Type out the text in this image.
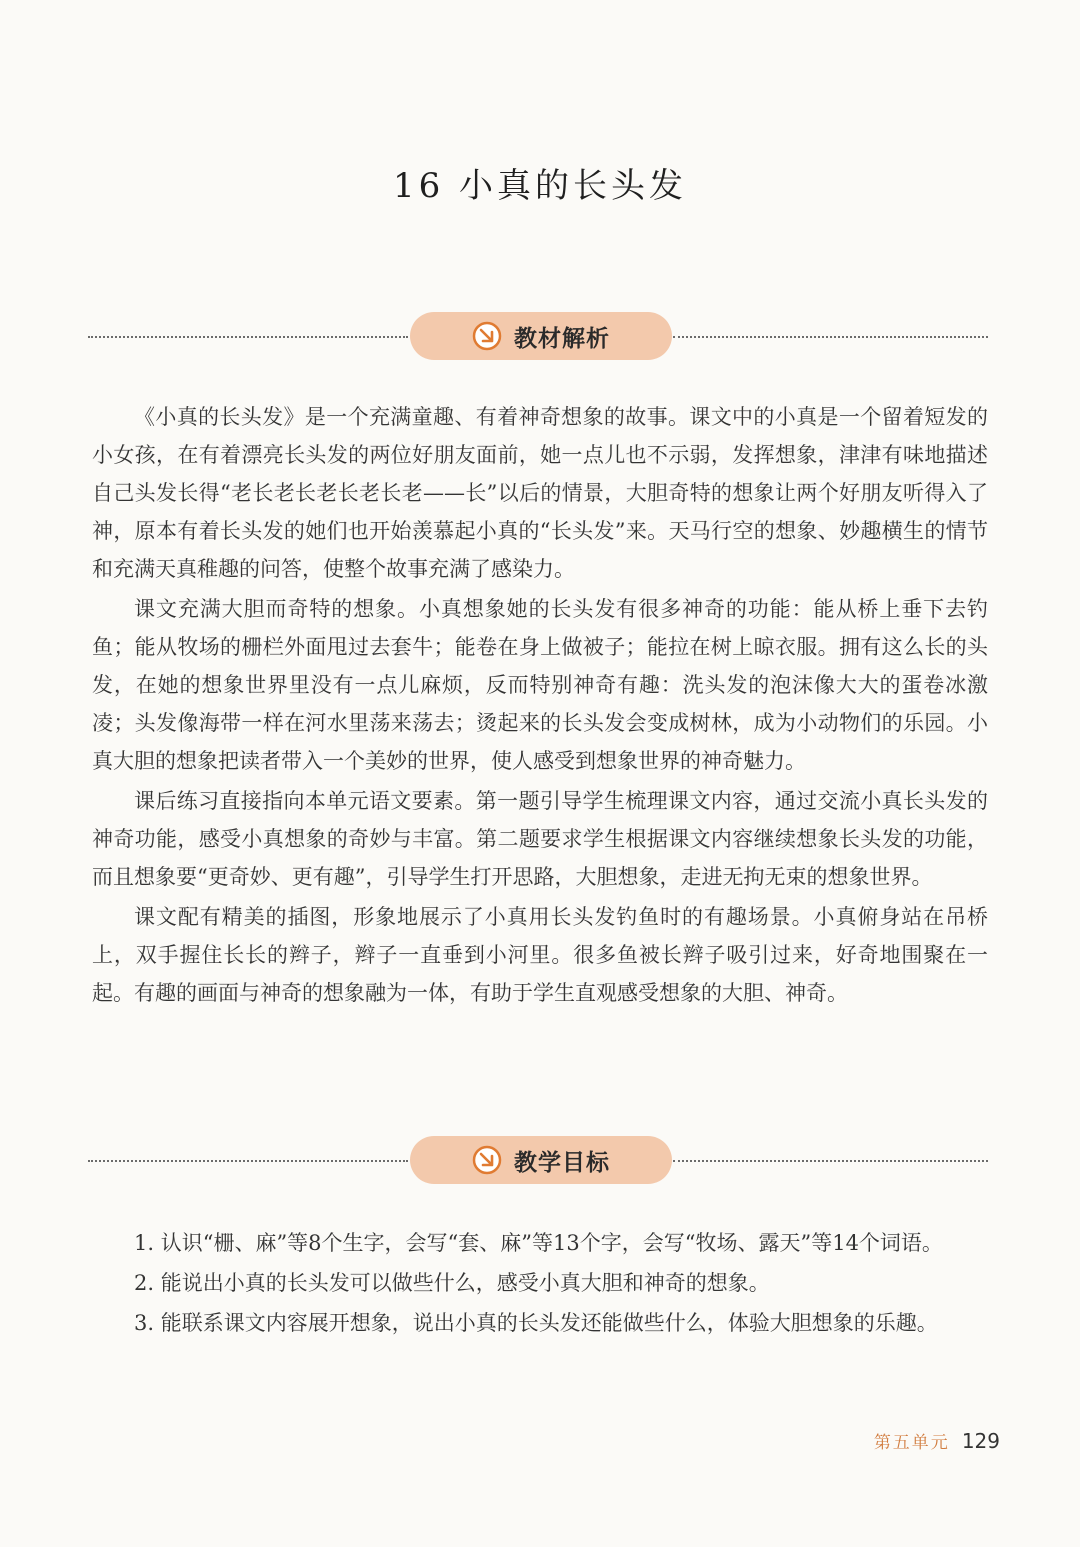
16 小真的长头发
教材解析

《小真的长头发》是一个充满童趣、有着神奇想象的故事。课文中的小真是一个留着短发的小女孩，在有着漂亮长头发的两位好朋友面前，她一点儿也不示弱，发挥想象，津津有味地描述自己头发长得“老长老长老长老长老——长”以后的情景，大胆奇特的想象让两个好朋友听得入了神，原本有着长头发的她们也开始羡慕起小真的“长头发”来。天马行空的想象、妙趣横生的情节和充满天真稚趣的问答，使整个故事充满了感染力。

课文充满大胆而奇特的想象。小真想象她的长头发有很多神奇的功能：能从桥上垂下去钓鱼；能从牧场的栅栏外面甩过去套牛；能卷在身上做被子；能拉在树上晾衣服。拥有这么长的头发，在她的想象世界里没有一点儿麻烦，反而特别神奇有趣：洗头发的泡沫像大大的蛋卷冰激凌；头发像海带一样在河水里荡来荡去；烫起来的长头发会变成树林，成为小动物们的乐园。小真大胆的想象把读者带入一个美妙的世界，使人感受到想象世界的神奇魅力。

课后练习直接指向本单元语文要素。第一题引导学生梳理课文内容，通过交流小真长头发的神奇功能，感受小真想象的奇妙与丰富。第二题要求学生根据课文内容继续想象长头发的功能，而且想象要“更奇妙、更有趣”，引导学生打开思路，大胆想象，走进无拘无束的想象世界。

课文配有精美的插图，形象地展示了小真用长头发钓鱼时的有趣场景。小真俯身站在吊桥上，双手握住长长的辫子，辫子一直垂到小河里。很多鱼被长辫子吸引过来，好奇地围聚在一起。有趣的画面与神奇的想象融为一体，有助于学生直观感受想象的大胆、神奇。

教学目标

1. 认识“栅、麻”等8个生字，会写“套、麻”等13个字，会写“牧场、露天”等14个词语。

2. 能说出小真的长头发可以做些什么，感受小真大胆和神奇的想象。

3. 能联系课文内容展开想象，说出小真的长头发还能做些什么，体验大胆想象的乐趣。

第五单元 129
